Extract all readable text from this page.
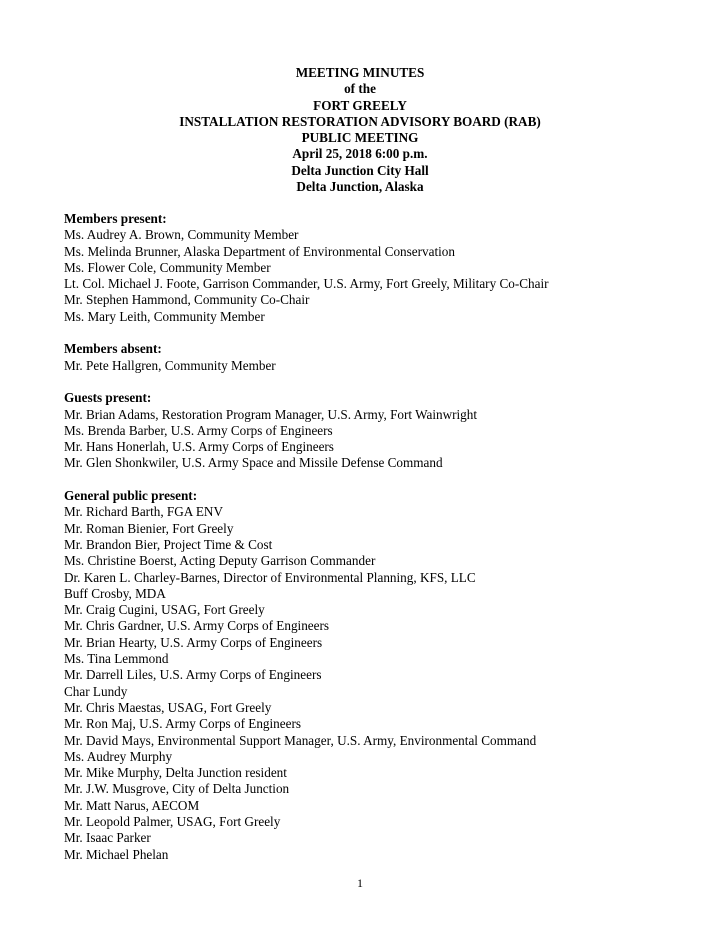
MEETING MINUTES
of the
FORT GREELY
INSTALLATION RESTORATION ADVISORY BOARD (RAB)
PUBLIC MEETING
April 25, 2018 6:00 p.m.
Delta Junction City Hall
Delta Junction, Alaska
Members present:
Ms. Audrey A. Brown, Community Member
Ms. Melinda Brunner, Alaska Department of Environmental Conservation
Ms. Flower Cole, Community Member
Lt. Col. Michael J. Foote, Garrison Commander, U.S. Army, Fort Greely, Military Co-Chair
Mr. Stephen Hammond, Community Co-Chair
Ms. Mary Leith, Community Member
Members absent:
Mr. Pete Hallgren, Community Member
Guests present:
Mr. Brian Adams, Restoration Program Manager, U.S. Army, Fort Wainwright
Ms. Brenda Barber, U.S. Army Corps of Engineers
Mr. Hans Honerlah, U.S. Army Corps of Engineers
Mr. Glen Shonkwiler, U.S. Army Space and Missile Defense Command
General public present:
Mr. Richard Barth, FGA ENV
Mr. Roman Bienier, Fort Greely
Mr. Brandon Bier, Project Time & Cost
Ms. Christine Boerst, Acting Deputy Garrison Commander
Dr. Karen L. Charley-Barnes, Director of Environmental Planning, KFS, LLC
Buff Crosby, MDA
Mr. Craig Cugini, USAG, Fort Greely
Mr. Chris Gardner, U.S. Army Corps of Engineers
Mr. Brian Hearty, U.S. Army Corps of Engineers
Ms. Tina Lemmond
Mr. Darrell Liles, U.S. Army Corps of Engineers
Char Lundy
Mr. Chris Maestas, USAG, Fort Greely
Mr. Ron Maj, U.S. Army Corps of Engineers
Mr. David Mays, Environmental Support Manager, U.S. Army, Environmental Command
Ms. Audrey Murphy
Mr. Mike Murphy, Delta Junction resident
Mr. J.W. Musgrove, City of Delta Junction
Mr. Matt Narus, AECOM
Mr. Leopold Palmer, USAG, Fort Greely
Mr. Isaac Parker
Mr. Michael Phelan
1
